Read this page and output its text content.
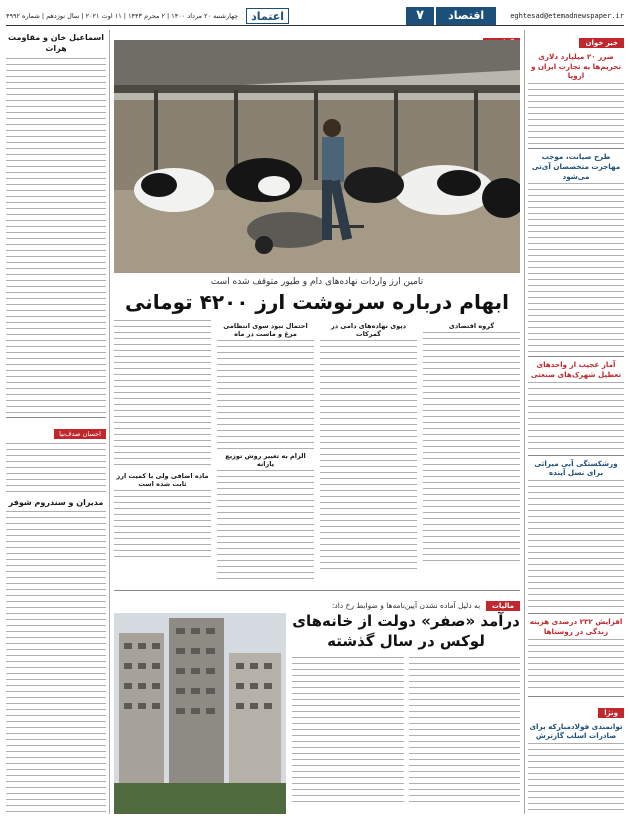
۷	اقتصاد	eghtesad@etemadnewspaper.ir
اعتماد
چهارشنبه ۲۰ مرداد ۱۴۰۰ | ۲ محرم ۱۴۴۳ | ۱۱ اوت ۲۰۲۱ | سال نوزدهم | شماره ۴۹۹۲
خبر خوان
ضرر ۲۰ میلیارد دلاری تحریم‌ها به تجارت ایران و اروپا
طرح صیانت، موجب مهاجرت متخصصان آی‌تی می‌شود
آمار عجیب از واحدهای تعطیل شهرک‌های صنعتی
ورشکستگی آبی میراثی برای نسل آینده
افزایش ۲۳۲ درصدی هزینه زندگی در روستاها
ونژا
توانمندی فولادمبارکه برای صادرات اسلب گازترش
اسماعیل خان و مقاومت هرات
احسان صدف‌نیا
مدیران و سندروم شوفر
تامین ارز واردات نهاده‌های دام و طیور متوقف شده است
ابهام درباره سرنوشت ارز ۴۲۰۰ تومانی
گروه اقتصادی
دپوی نهاده‌های دامی در گمرکات
احتمال نبود سوی انتظامی مرغ و ماست در ماه
الزام به تغییر روش توزیع یارانه
ماده اضافی ولی با کمیت ارز ثابت شده است
مالیات
به دلیل آماده نشدن آیین‌نامه‌ها و ضوابط رخ داد:
درآمد «صفر» دولت از خانه‌های لوکس در سال گذشته
